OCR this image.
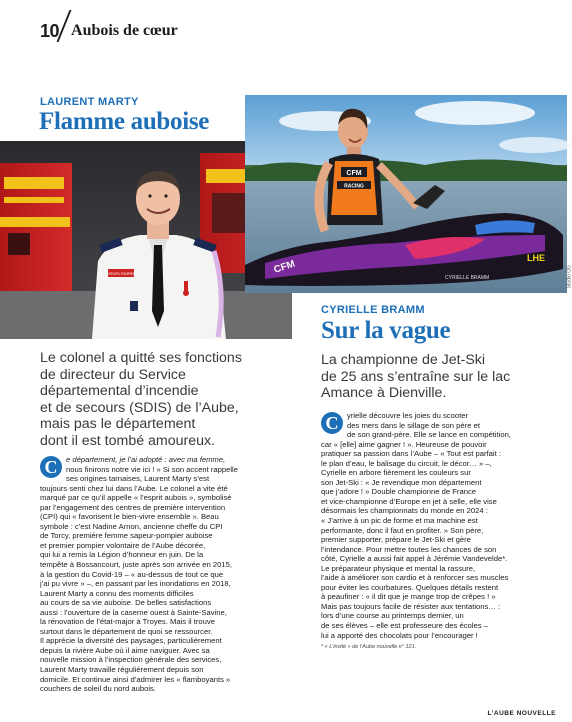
10 Aubois de cœur
LAURENT MARTY
Flamme auboise
SAPEURS-POMPIERS
CFM
RACING
CFM
CYRIELLE BRAMM
LHE
Studio OG
CYRIELLE BRAMM
Sur la vague
Le colonel a quitté ses fonctions
de directeur du Service
départemental d’incendie
et de secours (SDIS) de l’Aube,
mais pas le département
dont il est tombé amoureux.
La championne de Jet-Ski
de 25 ans s’entraîne sur le lac
Amance à Dienville.
C	e département, je l’ai adopté : avec ma femme,

nous finirons notre vie ici ! » Si son accent rappelle

ses origines tarnaises, Laurent Marty s’est

toujours senti chez lui dans l’Aube. Le colonel a vite été

marqué par ce qu’il appelle « l’esprit aubois », symbolisé

par l’engagement des centres de première intervention

(CPI) qui « favorisent le bien-vivre ensemble ». Beau

symbole : c’est Nadine Arnon, ancienne cheffe du CPI

de Torcy, première femme sapeur-pompier auboise

et premier pompier volontaire de l’Aube décorée,

qui lui a remis la Légion d’honneur en juin. De la

tempête à Bossancourt, juste après son arrivée en 2015,

à la gestion du Covid-19 – « au-dessus de tout ce que

j’ai pu vivre » –, en passant par les inondations en 2018,

Laurent Marty a connu des moments difficiles

au cours de sa vie auboise. De belles satisfactions

aussi : l’ouverture de la caserne ouest à Sainte-Savine,

la rénovation de l’état-major à Troyes. Mais il trouve

surtout dans le département de quoi se ressourcer.

Il apprécie la diversité des paysages, particulièrement

depuis la rivière Aube où il aime naviguer. Avec sa

nouvelle mission à l’inspection générale des services,

Laurent Marty travaille régulièrement depuis son

domicile. Et continue ainsi d’admirer les « flamboyants »

couchers de soleil du nord aubois.

C	yrielle découvre les joies du scooter

des mers dans le sillage de son père et

de son grand-père. Elle se lance en compétition,

car « [elle] aime gagner ! ». Heureuse de pouvoir

pratiquer sa passion dans l’Aube – « Tout est parfait :

le plan d’eau, le balisage du circuit, le décor… » –,

Cyrielle en arbore fièrement les couleurs sur

son Jet-Ski : « Je revendique mon département

que j’adore ! » Double championne de France

et vice-championne d’Europe en jet à selle, elle vise

désormais les championnats du monde en 2024 :

« J’arrive à un pic de forme et ma machine est

performante, donc il faut en profiter. » Son père,

premier supporter, prépare le Jet-Ski et gère

l’intendance. Pour mettre toutes les chances de son

côté, Cyrielle a aussi fait appel à Jérémie Vandevelde*.

Le préparateur physique et mental la rassure,

l’aide à améliorer son cardio et à renforcer ses muscles

pour éviter les courbatures. Quelques détails restent

à peaufiner : « il dit que je mange trop de crêpes ! »

Mais pas toujours facile de résister aux tentations… :

lors d’une course au printemps dernier, un

de ses élèves – elle est professeure des écoles –

lui a apporté des chocolats pour l’encourager !

* « L’invité » de l’Aube nouvelle n° 121.
L’AUBE NOUVELLE
